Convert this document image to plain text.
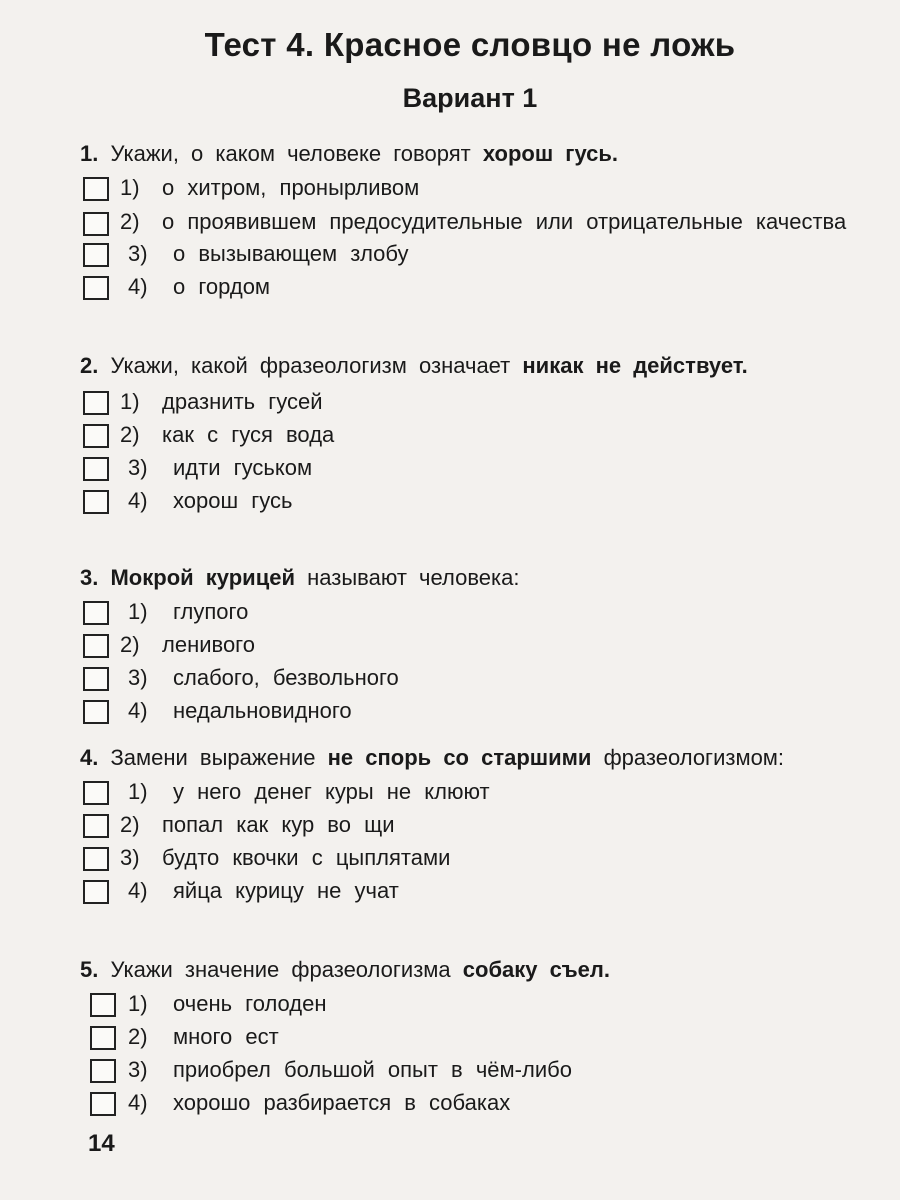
Тест 4. Красное словцо не ложь
Вариант 1

1. Укажи, о каком человеке говорят хорош гусь.

1) о хитром, пронырливом
2) о проявившем предосудительные или отрицательные качества
3) о вызывающем злобу
4) о гордом

2. Укажи, какой фразеологизм означает никак не действует.

1) дразнить гусей
2) как с гуся вода
3) идти гуськом
4) хорош гусь

3. Мокрой курицей называют человека:

1) глупого
2) ленивого
3) слабого, безвольного
4) недальновидного

4. Замени выражение не спорь со старшими фразеологизмом:

1) у него денег куры не клюют
2) попал как кур во щи
3) будто квочки с цыплятами
4) яйца курицу не учат

5. Укажи значение фразеологизма собаку съел.

1) очень голоден
2) много ест
3) приобрел большой опыт в чём-либо
4) хорошо разбирается в собаках
14
